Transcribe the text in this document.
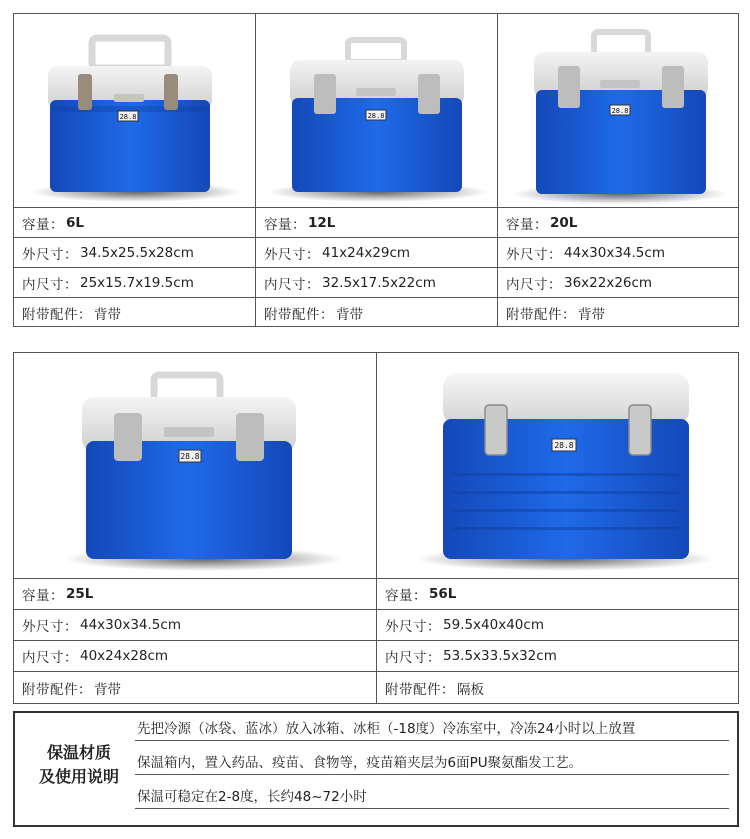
28.8
容量： 6L
外尺寸： 34.5x25.5x28cm
内尺寸： 25x15.7x19.5cm
附带配件： 背带
28.8
容量： 12L
外尺寸： 41x24x29cm
内尺寸： 32.5x17.5x22cm
附带配件： 背带
28.8
容量： 20L
外尺寸： 44x30x34.5cm
内尺寸： 36x22x26cm
附带配件： 背带
28.8
容量： 25L
外尺寸： 44x30x34.5cm
内尺寸： 40x24x28cm
附带配件： 背带
28.8
容量： 56L
外尺寸： 59.5x40x40cm
内尺寸： 53.5x33.5x32cm
附带配件： 隔板
保温材质
及使用说明
先把冷源（冰袋、蓝冰）放入冰箱、冰柜（-18度）冷冻室中，冷冻24小时以上放置
保温箱内，置入药品、疫苗、食物等，疫苗箱夹层为6面PU聚氨酯发工艺。
保温可稳定在2-8度，长约48~72小时
